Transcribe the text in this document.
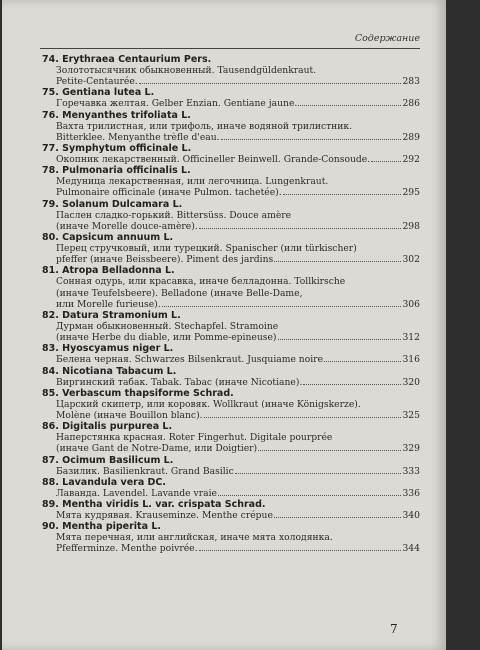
Содержание
74. Erythraea Centaurium Pers.
Золототысячник обыкновенный. Tausendgüldenkraut.
Petite-Centaurée.	283
75. Gentiana lutea L.
Горечавка желтая. Gelber Enzian. Gentiane jaune.	286
76. Menyanthes trifoliata L.
Вахта трилистная, или трифоль, иначе водяной трилистник.
Bitterklee. Menyanthe trèfle d'eau.	289
77. Symphytum officinale L.
Окопник лекарственный. Officineller Beinwell. Grande-Consoude.	292
78. Pulmonaria officinalis L.
Медуница лекарственная, или легочница. Lungenkraut.
Pulmonaire officinale (иначе Pulmon. tachetée).	295
79. Solanum Dulcamara L.
Паслен сладко-горький. Bittersüss. Douce amère
(иначе Morelle douce-amère).	298
80. Capsicum annuum L.
Перец стручковый, или турецкий. Spanischer (или türkischer)
pfeffer (иначе Beissbeere). Piment des jardins	302
81. Atropa Belladonna L.
Сонная одурь, или красавка, иначе белладонна. Tollkirsche
(иначе Teufelsbeere). Belladone (иначе Belle-Dame,
или Morelle furieuse).	306
82. Datura Stramonium L.
Дурман обыкновенный. Stechapfel. Stramoine
(иначе Herbe du diable, или Pomme-epineuse)	312
83. Hyoscyamus niger L.
Белена черная. Schwarzes Bilsenkraut. Jusquiame noire	316
84. Nicotiana Tabacum L.
Виргинский табак. Tabak. Tabac (иначе Nicotiane).	320
85. Verbascum thapsiforme Schrad.
Царский скипетр, или коровяк. Wollkraut (иначе Königskerze).
Molène (иначе Bouillon blanc).	325
86. Digitalis purpurea L.
Наперстянка красная. Roter Fingerhut. Digitale pourprée
(иначе Gant de Notre-Dame, или Doigtier)	329
87. Ocimum Basilicum L.
Базилик. Basilienkraut. Grand Basilic	333
88. Lavandula vera DC.
Лаванда. Lavendel. Lavande vraie	336
89. Mentha viridis L. var. crispata Schrad.
Мята кудрявая. Krauseminze. Menthe crépue	340
90. Mentha piperita L.
Мята перечная, или английская, иначе мята холодянка.
Pfefferminze. Menthe poivrée.	344
7
